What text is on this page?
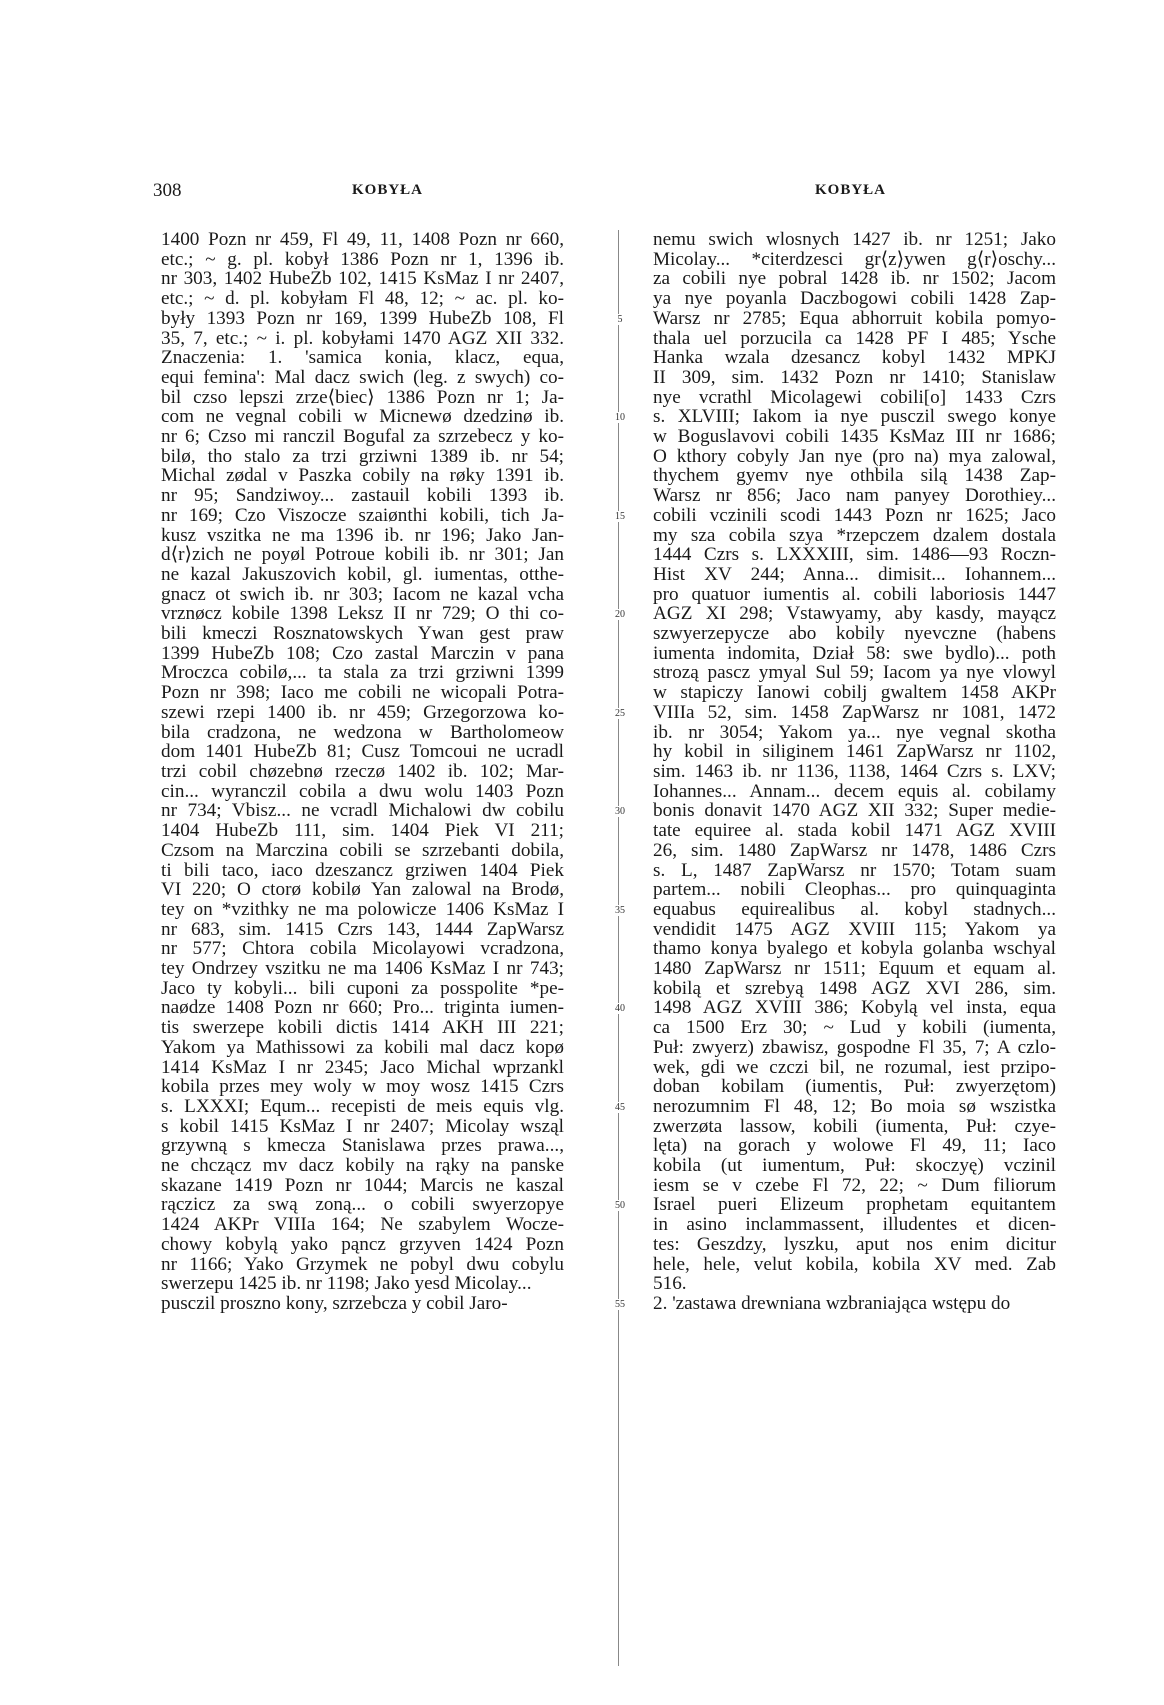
308	KOBYŁA	KOBYŁA
1400 Pozn nr 459, Fl 49, 11, 1408 Pozn nr 660,
etc.; ~ g. pl. kobył 1386 Pozn nr 1, 1396 ib.
nr 303, 1402 HubeZb 102, 1415 KsMaz I nr 2407,
etc.; ~ d. pl. kobyłam Fl 48, 12; ~ ac. pl. ko-
były 1393 Pozn nr 169, 1399 HubeZb 108, Fl
35, 7, etc.; ~ i. pl. kobyłami 1470 AGZ XII 332.
Znaczenia: 1. 'samica konia, klacz, equa,
equi femina': Mal dacz swich (leg. z swych) co-
bil czso lepszi zrze⟨biec⟩ 1386 Pozn nr 1; Ja-
com ne vegnal cobili w Micnewø dzedzinø ib.
nr 6; Czso mi ranczil Bogufal za szrzebecz y ko-
bilø, tho stalo za trzi grziwni 1389 ib. nr 54;
Michal zødal v Paszka cobily na røky 1391 ib.
nr 95; Sandziwoy... zastauil kobili 1393 ib.
nr 169; Czo Viszocze szaiønthi kobili, tich Ja-
kusz vszitka ne ma 1396 ib. nr 196; Jako Jan-
d⟨r⟩zich ne poyøl Potroue kobili ib. nr 301; Jan
ne kazal Jakuszovich kobil, gl. iumentas, otthe-
gnacz ot swich ib. nr 303; Iacom ne kazal vcha
vrznøcz kobile 1398 Leksz II nr 729; O thi co-
bili kmeczi Rosznatowskych Ywan gest praw
1399 HubeZb 108; Czo zastal Marczin v pana
Mroczca cobilø,... ta stala za trzi grziwni 1399
Pozn nr 398; Iaco me cobili ne wicopali Potra-
szewi rzepi 1400 ib. nr 459; Grzegorzowa ko-
bila cradzona, ne wedzona w Bartholomeow
dom 1401 HubeZb 81; Cusz Tomcoui ne ucradl
trzi cobil chøzebnø rzeczø 1402 ib. 102; Mar-
cin... wyranczil cobila a dwu wolu 1403 Pozn
nr 734; Vbisz... ne vcradl Michalowi dw cobilu
1404 HubeZb 111, sim. 1404 Piek VI 211;
Czsom na Marczina cobili se szrzebanti dobila,
ti bili taco, iaco dzeszancz grziwen 1404 Piek
VI 220; O ctorø kobilø Yan zalowal na Brodø,
tey on *vzithky ne ma polowicze 1406 KsMaz I
nr 683, sim. 1415 Czrs 143, 1444 ZapWarsz
nr 577; Chtora cobila Micolayowi vcradzona,
tey Ondrzey vszitku ne ma 1406 KsMaz I nr 743;
Jaco ty kobyli... bili cuponi za posspolite *pe-
naødze 1408 Pozn nr 660; Pro... triginta iumen-
tis swerzepe kobili dictis 1414 AKH III 221;
Yakom ya Mathissowi za kobili mal dacz kopø
1414 KsMaz I nr 2345; Jaco Michal wprzankl
kobila przes mey woly w moy wosz 1415 Czrs
s. LXXXI; Equm... recepisti de meis equis vlg.
s kobil 1415 KsMaz I nr 2407; Micolay wsząl
grzywną s kmecza Stanislawa przes prawa...,
ne chcząсz mv dacz kobily na rąky na panske
skazane 1419 Pozn nr 1044; Marcis ne kaszal
rączicz za swą zoną... o cobili swyerzopye
1424 AKPr VIIIa 164; Ne szabylem Wocze-
chowy kobylą yako pąncz grzyven 1424 Pozn
nr 1166; Yako Grzymek ne pobyl dwu cobylu
swerzepu 1425 ib. nr 1198; Jako yesd Micolay...
pusczil proszno kony, szrzebcza y cobil Jaro-
nemu swich wlosnych 1427 ib. nr 1251; Jako
Micolay... *citerdzesci gr⟨z⟩ywen g⟨r⟩oschy...
za cobili nye pobral 1428 ib. nr 1502; Jacom
ya nye poyanla Daczbogowi cobili 1428 Zap-
Warsz nr 2785; Equa abhorruit kobila pomyo-
thala uel porzucila ca 1428 PF I 485; Ysche
Hanka wzala dzesancz kobyl 1432 MPKJ
II 309, sim. 1432 Pozn nr 1410; Stanislaw
nye vcrathl Micolagewi cobili[o] 1433 Czrs
s. XLVIII; Iakom ia nye pusczil swego konye
w Boguslavovi cobili 1435 KsMaz III nr 1686;
O kthory cobyly Jan nye (pro na) mya zalowal,
thychem gyemv nye othbila silą 1438 Zap-
Warsz nr 856; Jaco nam panyey Dorothiey...
cobili vczinili scodi 1443 Pozn nr 1625; Jaco
my sza cobila szya *rzepczem dzalem dostala
1444 Czrs s. LXXXIII, sim. 1486—93 Roczn-
Hist XV 244; Anna... dimisit... Iohannem...
pro quatuor iumentis al. cobili laboriosis 1447
AGZ XI 298; Vstawyamy, aby kasdy, mayącz
szwyerzepycze abo kobily nyevczne (habens
iumenta indomita, Dział 58: swe bydlo)... poth
strozą pascz ymyal Sul 59; Iacom ya nye vlowyl
w stapiczy Ianowi cobilj gwaltem 1458 AKPr
VIIIa 52, sim. 1458 ZapWarsz nr 1081, 1472
ib. nr 3054; Yakom ya... nye vegnal skotha
hy kobil in siliginem 1461 ZapWarsz nr 1102,
sim. 1463 ib. nr 1136, 1138, 1464 Czrs s. LXV;
Iohannes... Annam... decem equis al. cobilamy
bonis donavit 1470 AGZ XII 332; Super medie-
tate equiree al. stada kobil 1471 AGZ XVIII
26, sim. 1480 ZapWarsz nr 1478, 1486 Czrs
s. L, 1487 ZapWarsz nr 1570; Totam suam
partem... nobili Cleophas... pro quinquaginta
equabus equirealibus al. kobyl stadnych...
vendidit 1475 AGZ XVIII 115; Yakom ya
thamo konya byalego et kobyla golanba wschyal
1480 ZapWarsz nr 1511; Equum et equam al.
kobilą et szrebyą 1498 AGZ XVI 286, sim.
1498 AGZ XVIII 386; Kobylą vel insta, equa
ca 1500 Erz 30; ~ Lud y kobili (iumenta,
Puł: zwyerz) zbawisz, gospodne Fl 35, 7; A czlo-
wek, gdi we czczi bil, ne rozumal, iest przipo-
doban kobilam (iumentis, Puł: zwyerzętom)
nerozumnim Fl 48, 12; Bo moia sø wszistka
zwerzøta lassow, kobili (iumenta, Puł: czye-
lęta) na gorach y wolowe Fl 49, 11; Iaco
kobila (ut iumentum, Puł: skoczyę) vczinil
iesm se v czebe Fl 72, 22; ~ Dum filiorum
Israel pueri Elizeum prophetam equitantem
in asino inclammassent, illudentes et dicen-
tes: Geszdzy, lyszku, aput nos enim dicitur
hele, hele, velut kobila, kobila XV med. Zab
516.
2. 'zastawa drewniana wzbraniająca wstępu do
5
10
15
20
25
30
35
40
45
50
55
